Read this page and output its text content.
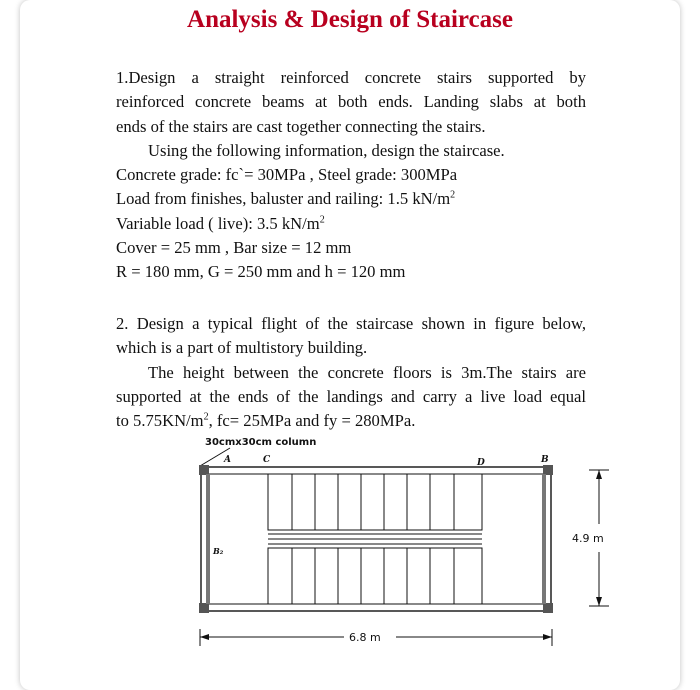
Analysis & Design of Staircase

1.Design a straight reinforced concrete stairs supported by

reinforced concrete beams at both ends. Landing slabs at both

ends of the stairs are cast together connecting the stairs.

Using the following information, design the staircase.

Concrete grade: fc`= 30MPa , Steel grade: 300MPa

Load from finishes, baluster and railing: 1.5 $kN/m^2$

Variable load ( live): 3.5 $kN/m^2$

Cover = 25 mm , Bar size = 12 mm

R = 180 mm, G = 250 mm and h = 120 mm

2. Design a typical flight of the staircase shown in figure below,

which is a part of multistory building.

The height between the concrete floors is 3m.The stairs are

supported at the ends of the landings and carry a live load equal

to $5.75KN/m^2$, fc= 25MPa and fy = 280MPa.

30cmx30cm column
A	C	D	B
B₂
4.9 m
6.8 m
